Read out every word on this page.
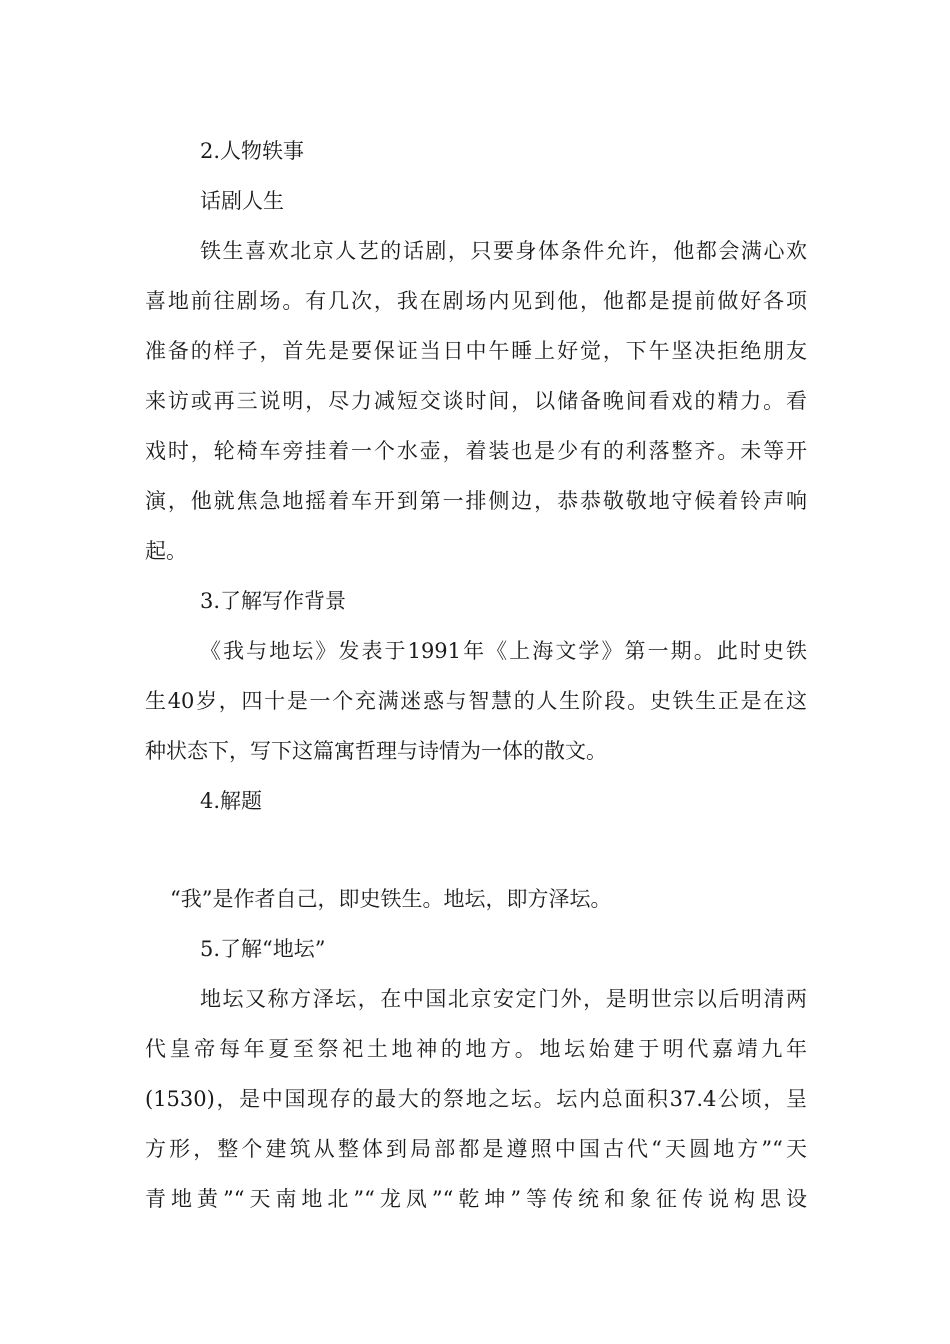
2.人物轶事
话剧人生
铁生喜欢北京人艺的话剧，只要身体条件允许，他都会满心欢
喜地前往剧场。有几次，我在剧场内见到他，他都是提前做好各项
准备的样子，首先是要保证当日中午睡上好觉，下午坚决拒绝朋友
来访或再三说明，尽力减短交谈时间，以储备晚间看戏的精力。看
戏时，轮椅车旁挂着一个水壶，着装也是少有的利落整齐。未等开
演，他就焦急地摇着车开到第一排侧边，恭恭敬敬地守候着铃声响
起。
3.了解写作背景
《我与地坛》发表于1991年《上海文学》第一期。此时史铁
生40岁，四十是一个充满迷惑与智慧的人生阶段。史铁生正是在这
种状态下，写下这篇寓哲理与诗情为一体的散文。
4.解题
“我”是作者自己，即史铁生。地坛，即方泽坛。
5.了解“地坛”
地坛又称方泽坛，在中国北京安定门外，是明世宗以后明清两
代皇帝每年夏至祭祀土地神的地方。地坛始建于明代嘉靖九年
(1530)，是中国现存的最大的祭地之坛。坛内总面积37.4公顷，呈
方形，整个建筑从整体到局部都是遵照中国古代“天圆地方”“天
青地黄”“天南地北”“龙凤”“乾坤”等传统和象征传说构思设
